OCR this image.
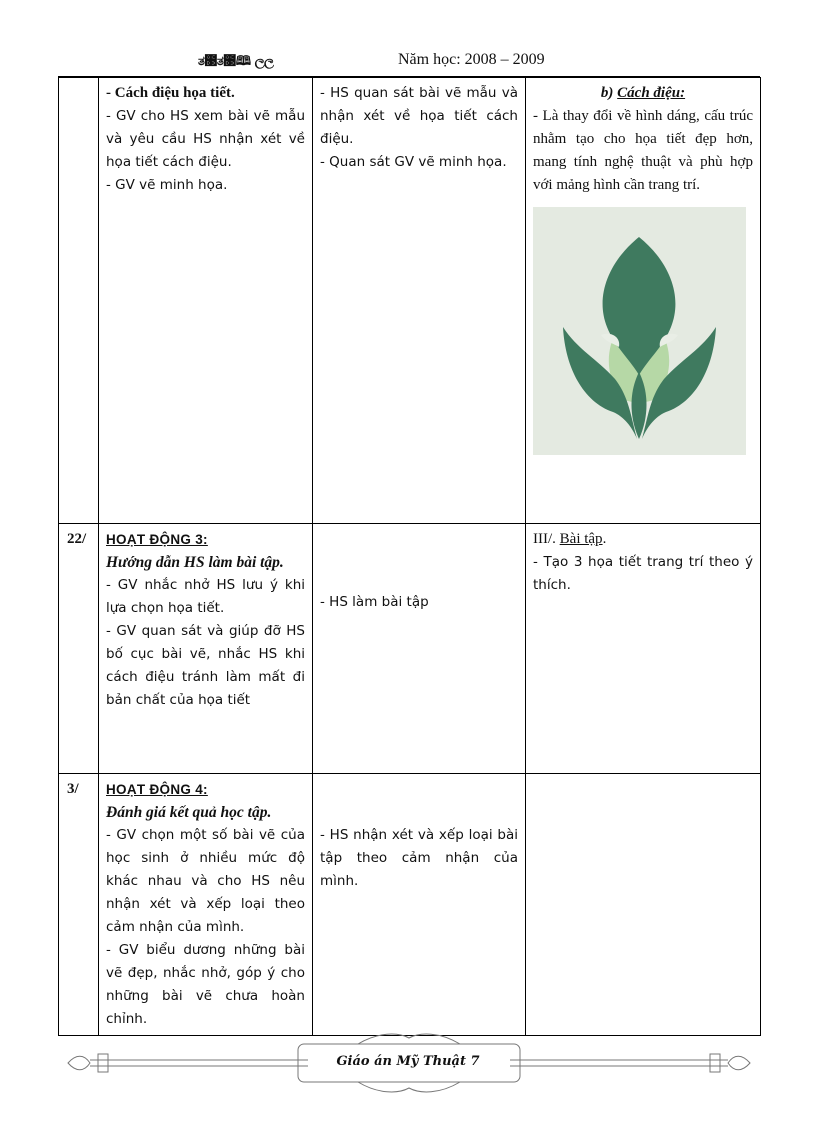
ತ೓ತ೓🕮 ලල	Năm học: 2008 – 2009

	- Cách điệu họa tiết.
- GV cho HS xem bài vẽ mẫu và yêu cầu HS nhận xét về họa tiết cách điệu.
- GV vẽ minh họa.	- HS quan sát bài vẽ mẫu và nhận xét về họa tiết cách điệu.
- Quan sát GV vẽ minh họa.	b) Cách điệu:
- Là thay đổi về hình dáng, cấu trúc nhằm tạo cho họa tiết đẹp hơn, mang tính nghệ thuật và phù hợp với mảng hình cần trang trí.

22/	HOẠT ĐỘNG 3:
Hướng dẫn HS làm bài tập.
- GV nhắc nhở HS lưu ý khi lựa chọn họa tiết.
- GV quan sát và giúp đỡ HS bố cục bài vẽ, nhắc HS khi cách điệu tránh làm mất đi bản chất của họa tiết	- HS làm bài tập	III/. Bài tập.
- Tạo 3 họa tiết trang trí theo ý thích.

3/	HOẠT ĐỘNG 4:
Đánh giá kết quả học tập.
- GV chọn một số bài vẽ của học sinh ở nhiều mức độ khác nhau và cho HS nêu nhận xét và xếp loại theo cảm nhận của mình.
- GV biểu dương những bài vẽ đẹp, nhắc nhở, góp ý cho những bài vẽ chưa hoàn chỉnh.	- HS nhận xét và xếp loại bài tập theo cảm nhận của mình.	

Giáo án Mỹ Thuật 7
